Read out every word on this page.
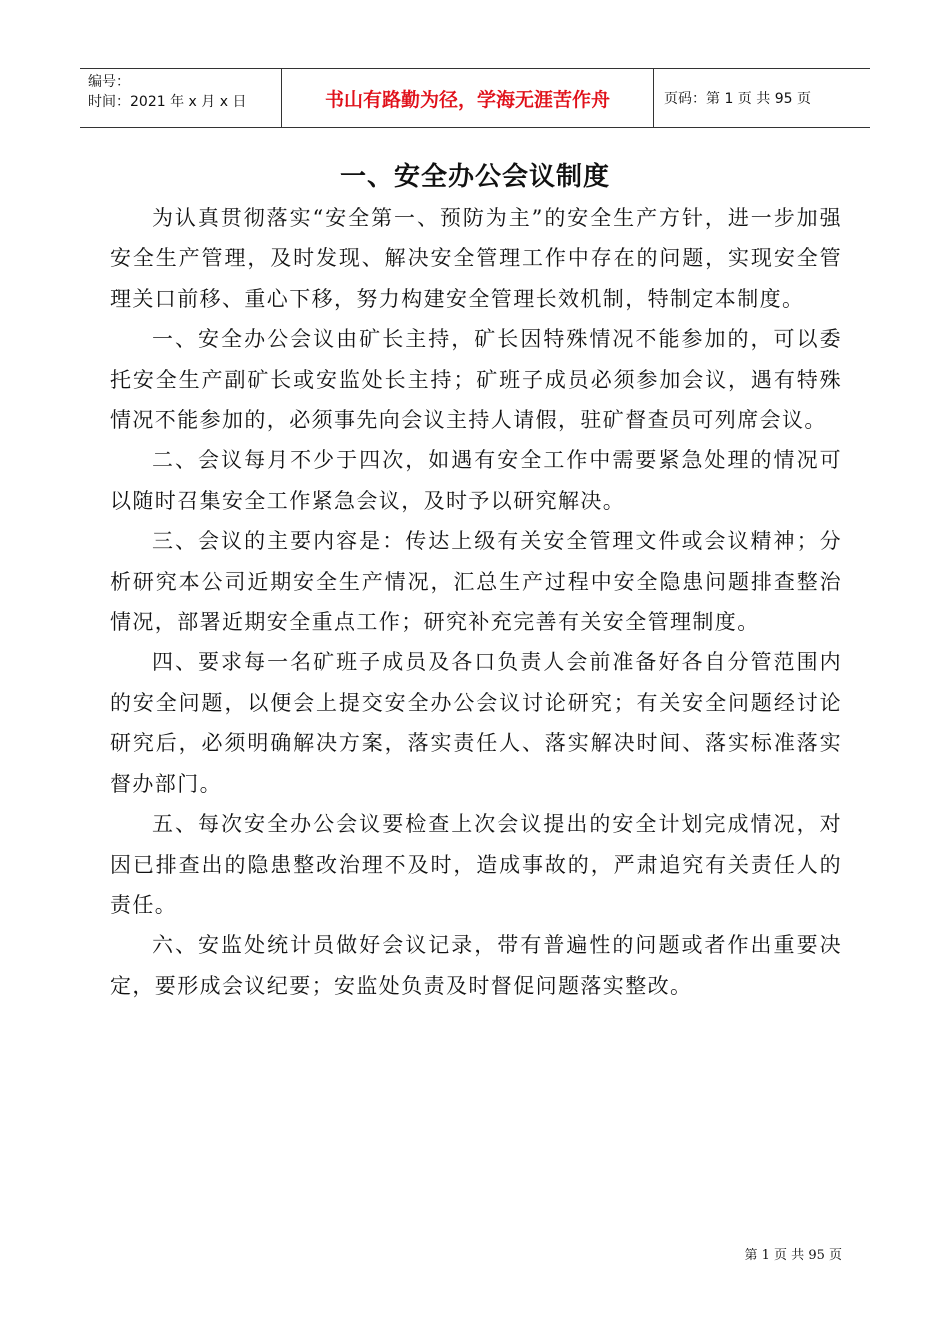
编号：
时间：2021 年 x 月 x 日	书山有路勤为径，学海无涯苦作舟	页码：第 1 页 共 95 页
一、安全办公会议制度

为认真贯彻落实“安全第一、预防为主”的安全生产方针，进一步加强安全生产管理，及时发现、解决安全管理工作中存在的问题，实现安全管理关口前移、重心下移，努力构建安全管理长效机制，特制定本制度。

一、安全办公会议由矿长主持，矿长因特殊情况不能参加的，可以委托安全生产副矿长或安监处长主持；矿班子成员必须参加会议，遇有特殊情况不能参加的，必须事先向会议主持人请假，驻矿督查员可列席会议。

二、会议每月不少于四次，如遇有安全工作中需要紧急处理的情况可以随时召集安全工作紧急会议，及时予以研究解决。

三、会议的主要内容是：传达上级有关安全管理文件或会议精神；分析研究本公司近期安全生产情况，汇总生产过程中安全隐患问题排查整治情况，部署近期安全重点工作；研究补充完善有关安全管理制度。

四、要求每一名矿班子成员及各口负责人会前准备好各自分管范围内的安全问题，以便会上提交安全办公会议讨论研究；有关安全问题经讨论研究后，必须明确解决方案，落实责任人、落实解决时间、落实标准落实督办部门。

五、每次安全办公会议要检查上次会议提出的安全计划完成情况，对因已排查出的隐患整改治理不及时，造成事故的，严肃追究有关责任人的责任。

六、安监处统计员做好会议记录，带有普遍性的问题或者作出重要决定，要形成会议纪要；安监处负责及时督促问题落实整改。

第 1 页 共 95 页
